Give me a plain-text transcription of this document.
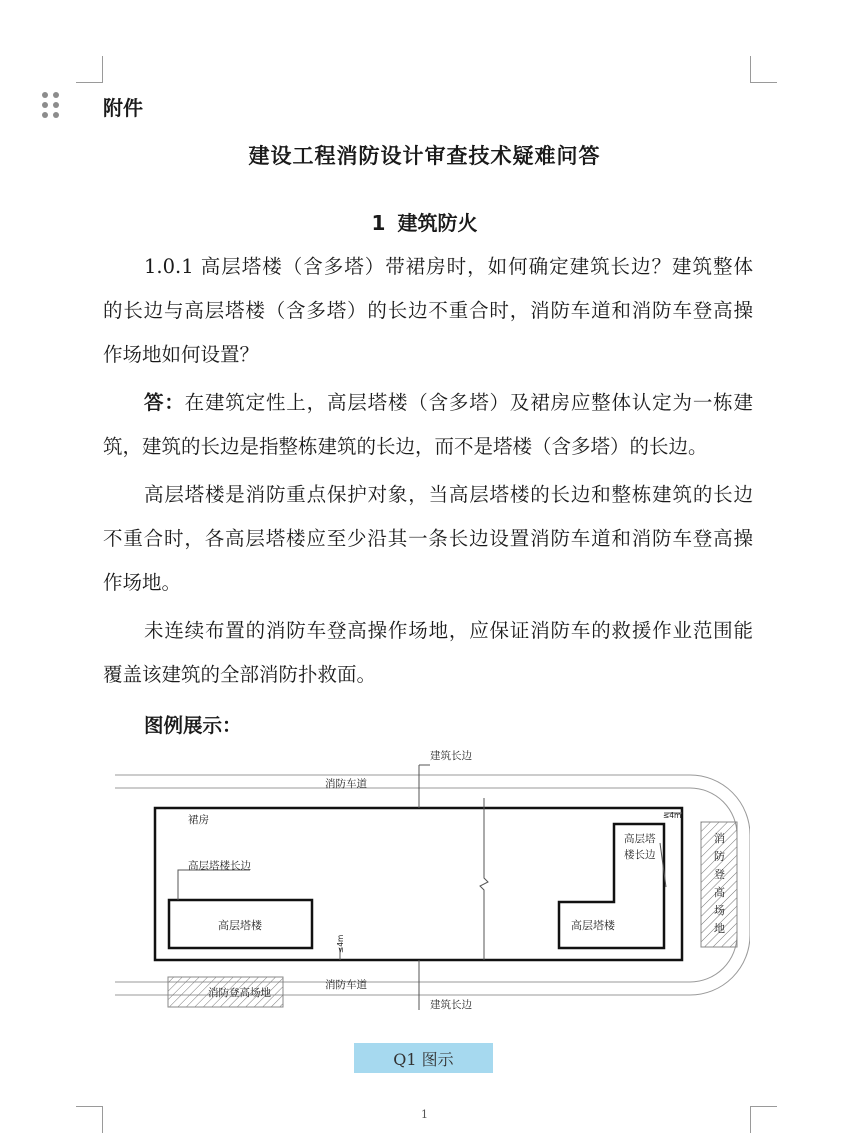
附件
建设工程消防设计审查技术疑难问答
1 建筑防火
1.0.1 高层塔楼（含多塔）带裙房时，如何确定建筑长边？建筑整体
的长边与高层塔楼（含多塔）的长边不重合时，消防车道和消防车登高操
作场地如何设置？
答：在建筑定性上，高层塔楼（含多塔）及裙房应整体认定为一栋建
筑，建筑的长边是指整栋建筑的长边，而不是塔楼（含多塔）的长边。
高层塔楼是消防重点保护对象，当高层塔楼的长边和整栋建筑的长边
不重合时，各高层塔楼应至少沿其一条长边设置消防车道和消防车登高操
作场地。
未连续布置的消防车登高操作场地，应保证消防车的救援作业范围能
覆盖该建筑的全部消防扑救面。
图例展示：
建筑长边
消防车道
裙房
高层塔楼长边
高层塔楼	高层塔楼
高层塔
楼长边
≤4m
≤4m
消防车道
消防登高场地
建筑长边
消
防
登
高
场
地
Q1 图示
1
